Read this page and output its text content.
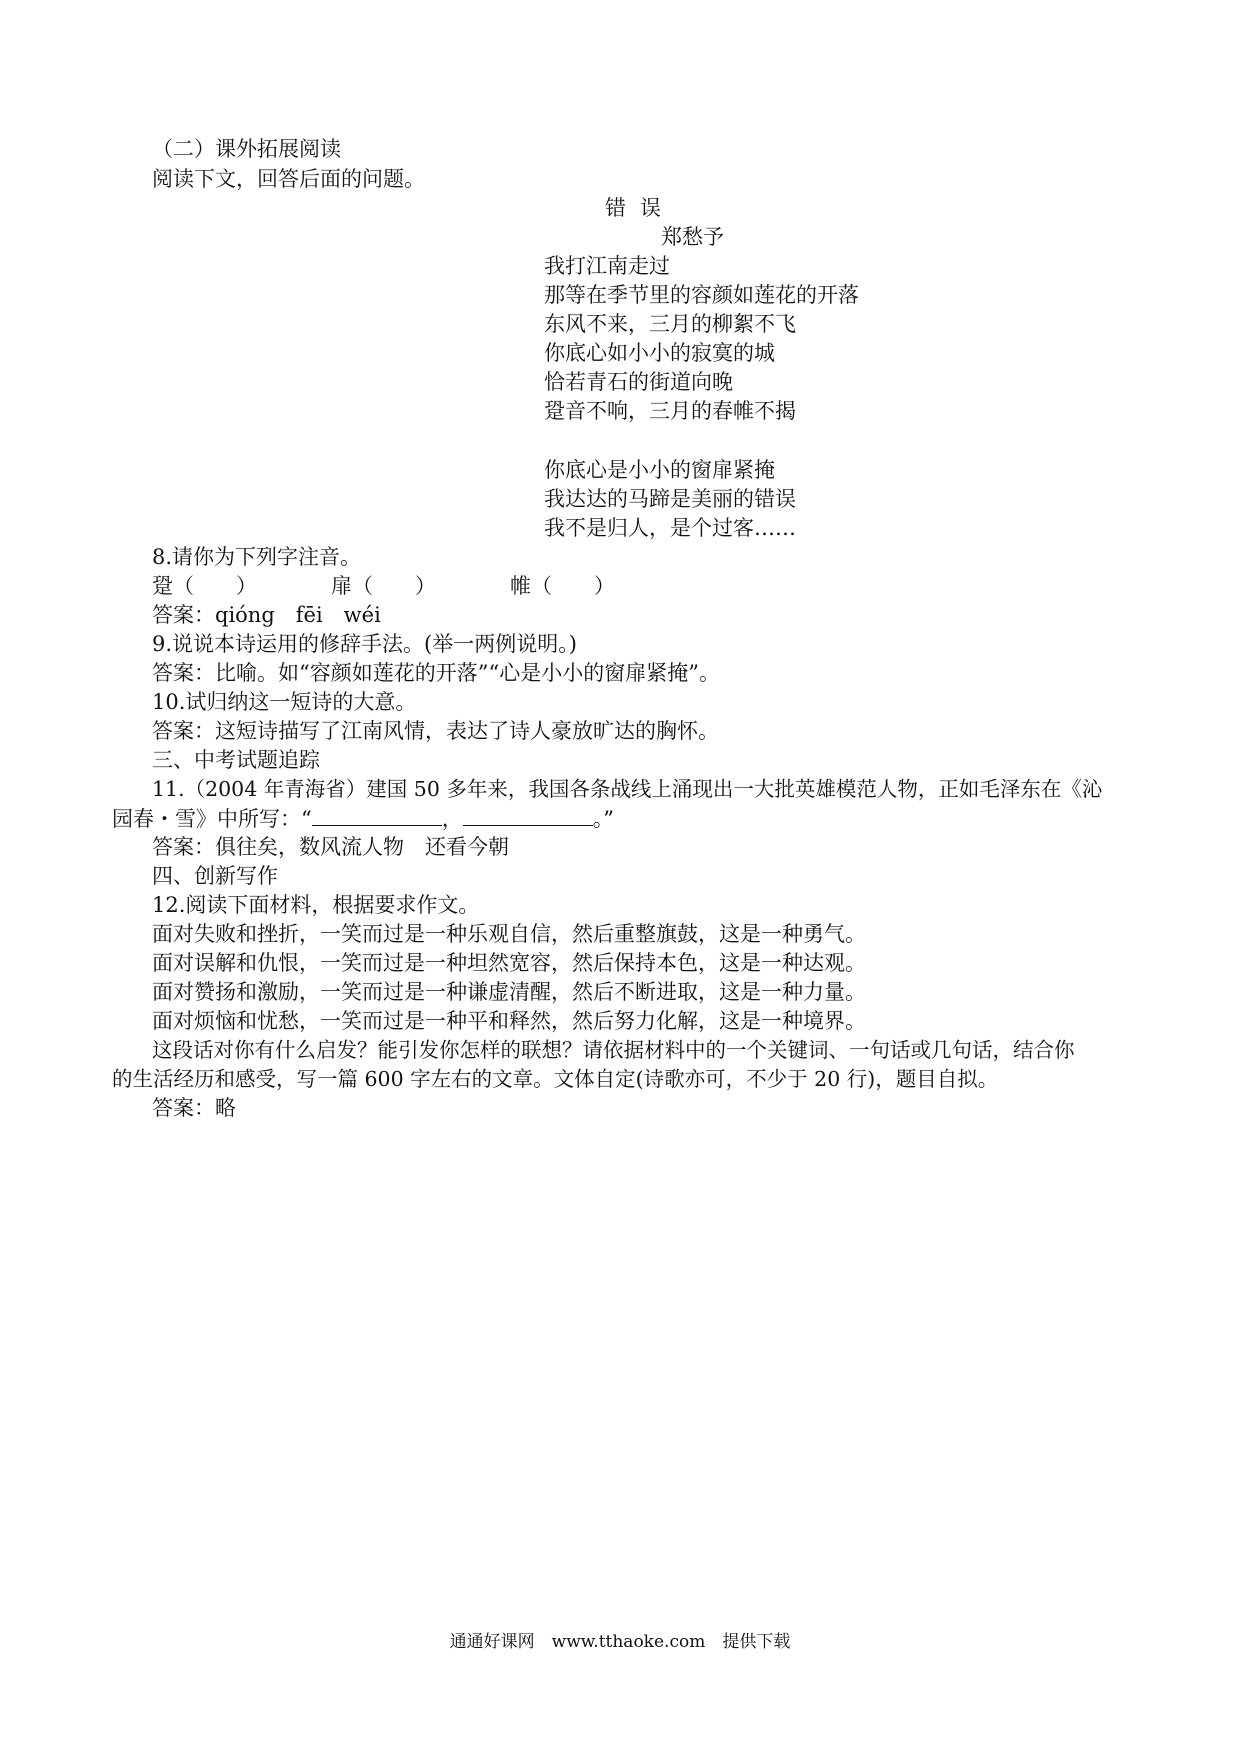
（二）课外拓展阅读
阅读下文，回答后面的问题。
错误
郑愁予
我打江南走过
那等在季节里的容颜如莲花的开落
东风不来，三月的柳絮不飞
你底心如小小的寂寞的城
恰若青石的街道向晚
跫音不响，三月的春帷不揭
你底心是小小的窗扉紧掩
我达达的马蹄是美丽的错误
我不是归人，是个过客……
8.请你为下列字注音。
跫（ ）	扉（ ）	帷（ ）
答案：qióng　fēi　wéi
9.说说本诗运用的修辞手法。(举一两例说明。)
答案：比喻。如“容颜如莲花的开落”“心是小小的窗扉紧掩”。
10.试归纳这一短诗的大意。
答案：这短诗描写了江南风情，表达了诗人豪放旷达的胸怀。
三、中考试题追踪
11.（2004 年青海省）建国 50 多年来，我国各条战线上涌现出一大批英雄模范人物，正如毛泽东在《沁
园春・雪》中所写：“	，	。”
答案：俱往矣，数风流人物　还看今朝
四、创新写作
12.阅读下面材料，根据要求作文。
面对失败和挫折，一笑而过是一种乐观自信，然后重整旗鼓，这是一种勇气。
面对误解和仇恨，一笑而过是一种坦然宽容，然后保持本色，这是一种达观。
面对赞扬和激励，一笑而过是一种谦虚清醒，然后不断进取，这是一种力量。
面对烦恼和忧愁，一笑而过是一种平和释然，然后努力化解，这是一种境界。
这段话对你有什么启发？能引发你怎样的联想？请依据材料中的一个关键词、一句话或几句话，结合你
的生活经历和感受，写一篇 600 字左右的文章。文体自定(诗歌亦可，不少于 20 行)，题目自拟。
答案：略
通通好课网　www.tthaoke.com　提供下载
